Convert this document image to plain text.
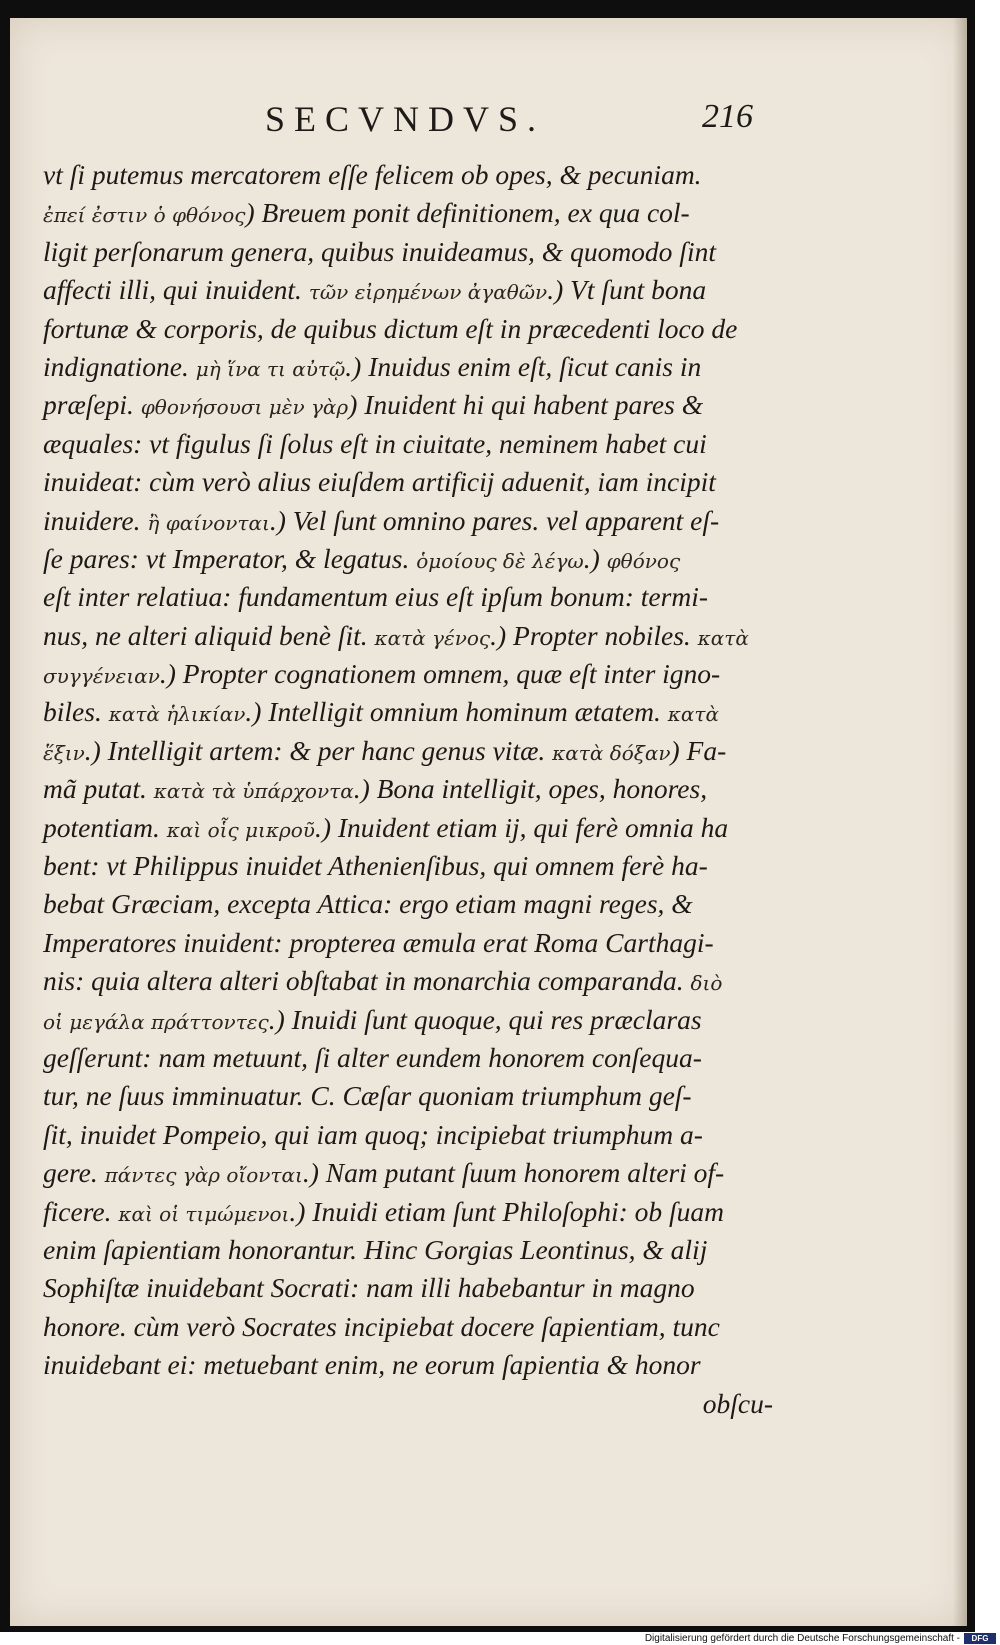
SECVNDVS.	216
vt ſi putemus mercatorem eſſe felicem ob opes, & pecuniam.
ἐπεί ἐστιν ὁ φθόνος) Breuem ponit definitionem, ex qua col-
ligit perſonarum genera, quibus inuideamus, & quomodo ſint
affecti illi, qui inuident. τῶν εἰρημένων ἀγαθῶν.) Vt ſunt bona
fortunæ & corporis, de quibus dictum eſt in præcedenti loco de
indignatione. μὴ ἵνα τι αὐτῷ.) Inuidus enim eſt, ſicut canis in
præſepi. φθονήσουσι μὲν γὰρ) Inuident hi qui habent pares &
æquales: vt figulus ſi ſolus eſt in ciuitate, neminem habet cui
inuideat: cùm verò alius eiuſdem artificij aduenit, iam incipit
inuidere. ἢ φαίνονται.) Vel ſunt omnino pares. vel apparent eſ-
ſe pares: vt Imperator, & legatus. ὁμοίους δὲ λέγω.) φθόνος
eſt inter relatiua: fundamentum eius eſt ipſum bonum: termi-
nus, ne alteri aliquid benè ſit. κατὰ γένος.) Propter nobiles. κατὰ
συγγένειαν.) Propter cognationem omnem, quæ eſt inter igno-
biles. κατὰ ἡλικίαν.) Intelligit omnium hominum ætatem. κατὰ
ἕξιν.) Intelligit artem: & per hanc genus vitæ. κατὰ δόξαν) Fa-
mã putat. κατὰ τὰ ὑπάρχοντα.) Bona intelligit, opes, honores,
potentiam. καὶ οἷς μικροῦ.) Inuident etiam ij, qui ferè omnia ha
bent: vt Philippus inuidet Athenienſibus, qui omnem ferè ha-
bebat Græciam, excepta Attica: ergo etiam magni reges, &
Imperatores inuident: propterea æmula erat Roma Carthagi-
nis: quia altera alteri obſtabat in monarchia comparanda. διὸ
οἱ μεγάλα πράττοντες.) Inuidi ſunt quoque, qui res præclaras
geſſerunt: nam metuunt, ſi alter eundem honorem conſequa-
tur, ne ſuus imminuatur. C. Cæſar quoniam triumphum geſ-
ſit, inuidet Pompeio, qui iam quoq; incipiebat triumphum a-
gere. πάντες γὰρ οἴονται.) Nam putant ſuum honorem alteri of-
ficere. καὶ οἱ τιμώμενοι.) Inuidi etiam ſunt Philoſophi: ob ſuam
enim ſapientiam honorantur. Hinc Gorgias Leontinus, & alij
Sophiſtæ inuidebant Socrati: nam illi habebantur in magno
honore. cùm verò Socrates incipiebat docere ſapientiam, tunc
inuidebant ei: metuebant enim, ne eorum ſapientia & honor
obſcu-
Digitalisierung gefördert durch die Deutsche Forschungsgemeinschaft -	DFG
